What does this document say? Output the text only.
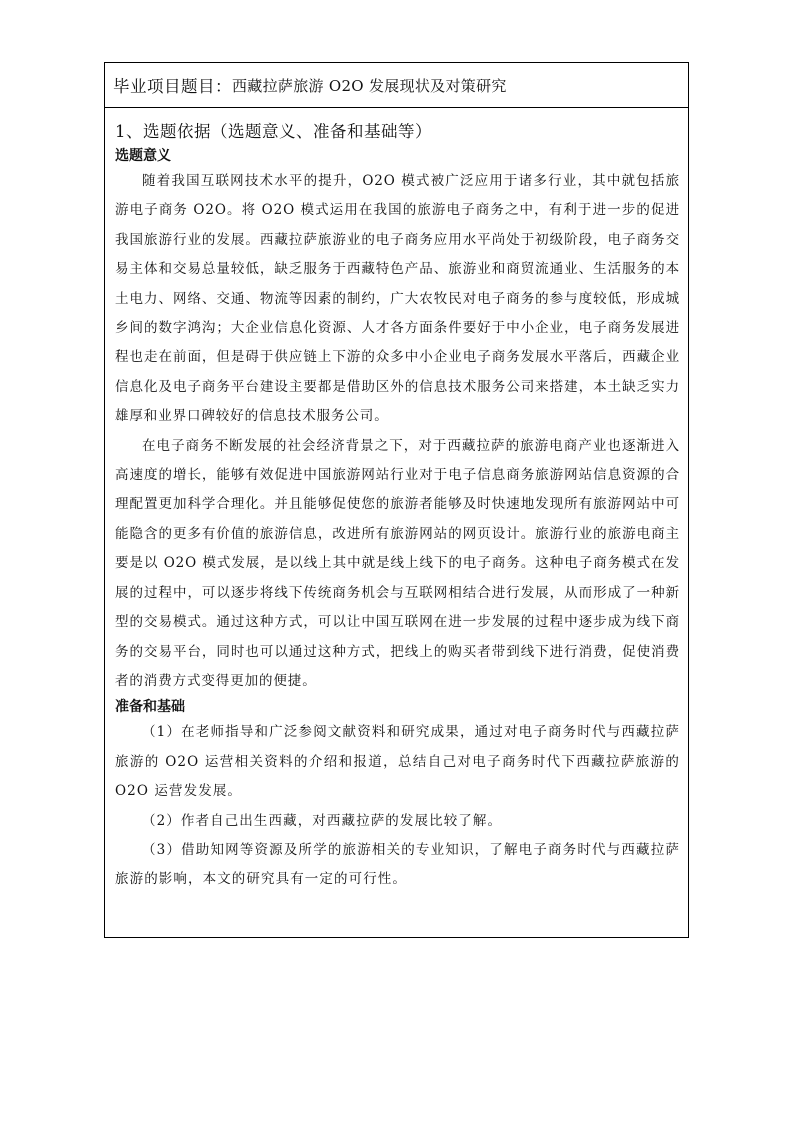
毕业项目题目： 西藏拉萨旅游 O2O 发展现状及对策研究
1、选题依据（选题意义、准备和基础等）
选题意义

随着我国互联网技术水平的提升，O2O 模式被广泛应用于诸多行业，其中就包括旅游电子商务 O2O。将 O2O 模式运用在我国的旅游电子商务之中，有利于进一步的促进我国旅游行业的发展。西藏拉萨旅游业的电子商务应用水平尚处于初级阶段，电子商务交易主体和交易总量较低，缺乏服务于西藏特色产品、旅游业和商贸流通业、生活服务的本土电力、网络、交通、物流等因素的制约，广大农牧民对电子商务的参与度较低，形成城乡间的数字鸿沟；大企业信息化资源、人才各方面条件要好于中小企业，电子商务发展进程也走在前面，但是碍于供应链上下游的众多中小企业电子商务发展水平落后，西藏企业信息化及电子商务平台建设主要都是借助区外的信息技术服务公司来搭建，本土缺乏实力雄厚和业界口碑较好的信息技术服务公司。

在电子商务不断发展的社会经济背景之下，对于西藏拉萨的旅游电商产业也逐渐进入高速度的增长，能够有效促进中国旅游网站行业对于电子信息商务旅游网站信息资源的合理配置更加科学合理化。并且能够促使您的旅游者能够及时快速地发现所有旅游网站中可能隐含的更多有价值的旅游信息，改进所有旅游网站的网页设计。旅游行业的旅游电商主要是以 O2O 模式发展，是以线上其中就是线上线下的电子商务。这种电子商务模式在发展的过程中，可以逐步将线下传统商务机会与互联网相结合进行发展，从而形成了一种新型的交易模式。通过这种方式，可以让中国互联网在进一步发展的过程中逐步成为线下商务的交易平台，同时也可以通过这种方式，把线上的购买者带到线下进行消费，促使消费者的消费方式变得更加的便捷。

准备和基础

（1）在老师指导和广泛参阅文献资料和研究成果，通过对电子商务时代与西藏拉萨旅游的 O2O 运营相关资料的介绍和报道，总结自己对电子商务时代下西藏拉萨旅游的 O2O 运营发发展。

（2）作者自己出生西藏，对西藏拉萨的发展比较了解。

（3）借助知网等资源及所学的旅游相关的专业知识，了解电子商务时代与西藏拉萨旅游的影响，本文的研究具有一定的可行性。
